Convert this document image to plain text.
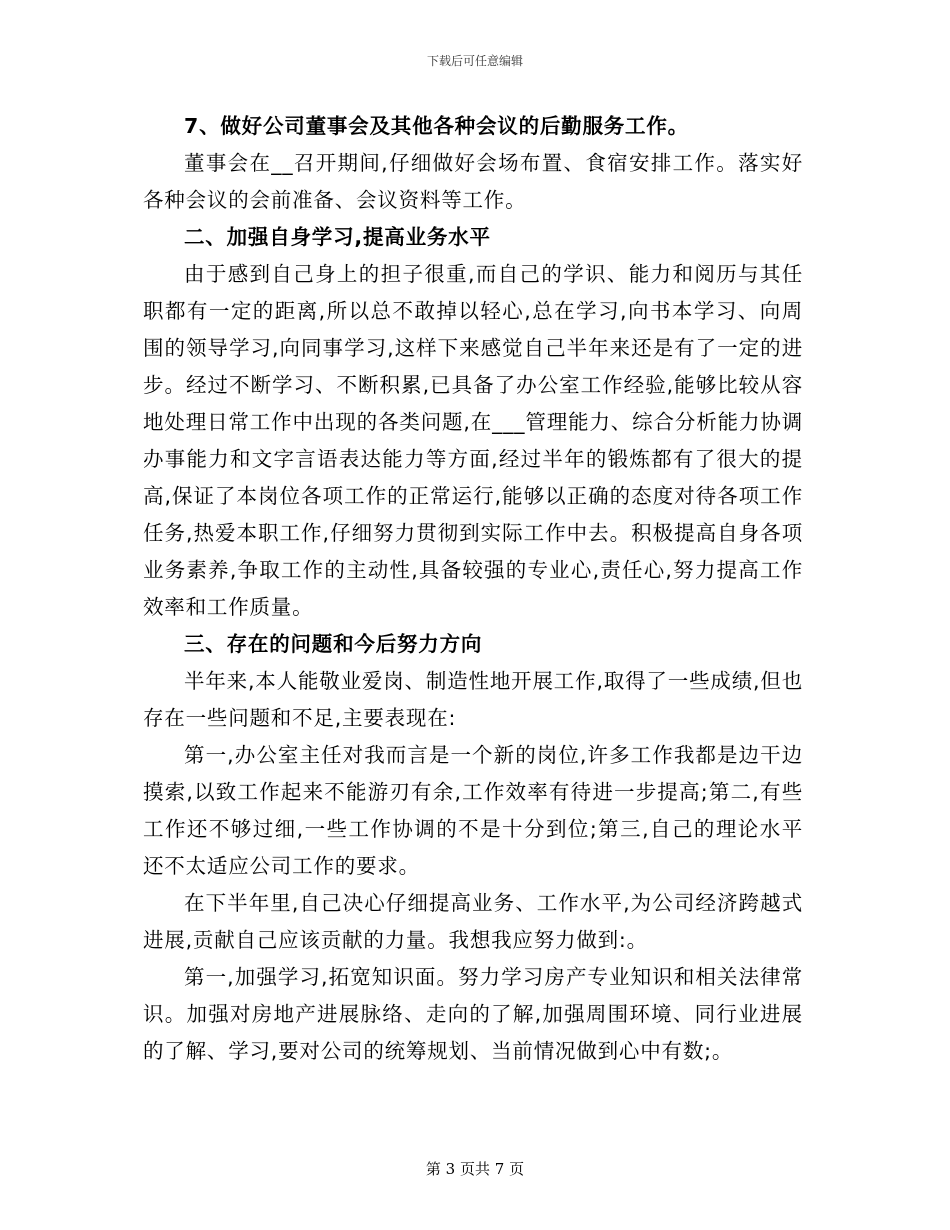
下载后可任意编辑
7、做好公司董事会及其他各种会议的后勤服务工作。

董事会在__召开期间,仔细做好会场布置、食宿安排工作。落实好各种会议的会前准备、会议资料等工作。

二、加强自身学习,提高业务水平

由于感到自己身上的担子很重,而自己的学识、能力和阅历与其任职都有一定的距离,所以总不敢掉以轻心,总在学习,向书本学习、向周围的领导学习,向同事学习,这样下来感觉自己半年来还是有了一定的进步。经过不断学习、不断积累,已具备了办公室工作经验,能够比较从容地处理日常工作中出现的各类问题,在___管理能力、综合分析能力协调办事能力和文字言语表达能力等方面,经过半年的锻炼都有了很大的提高,保证了本岗位各项工作的正常运行,能够以正确的态度对待各项工作任务,热爱本职工作,仔细努力贯彻到实际工作中去。积极提高自身各项业务素养,争取工作的主动性,具备较强的专业心,责任心,努力提高工作效率和工作质量。

三、存在的问题和今后努力方向

半年来,本人能敬业爱岗、制造性地开展工作,取得了一些成绩,但也存在一些问题和不足,主要表现在:

第一,办公室主任对我而言是一个新的岗位,许多工作我都是边干边摸索,以致工作起来不能游刃有余,工作效率有待进一步提高;第二,有些工作还不够过细,一些工作协调的不是十分到位;第三,自己的理论水平还不太适应公司工作的要求。

在下半年里,自己决心仔细提高业务、工作水平,为公司经济跨越式进展,贡献自己应该贡献的力量。我想我应努力做到:。

第一,加强学习,拓宽知识面。努力学习房产专业知识和相关法律常识。加强对房地产进展脉络、走向的了解,加强周围环境、同行业进展的了解、学习,要对公司的统筹规划、当前情况做到心中有数;。

第 3 页共 7 页
